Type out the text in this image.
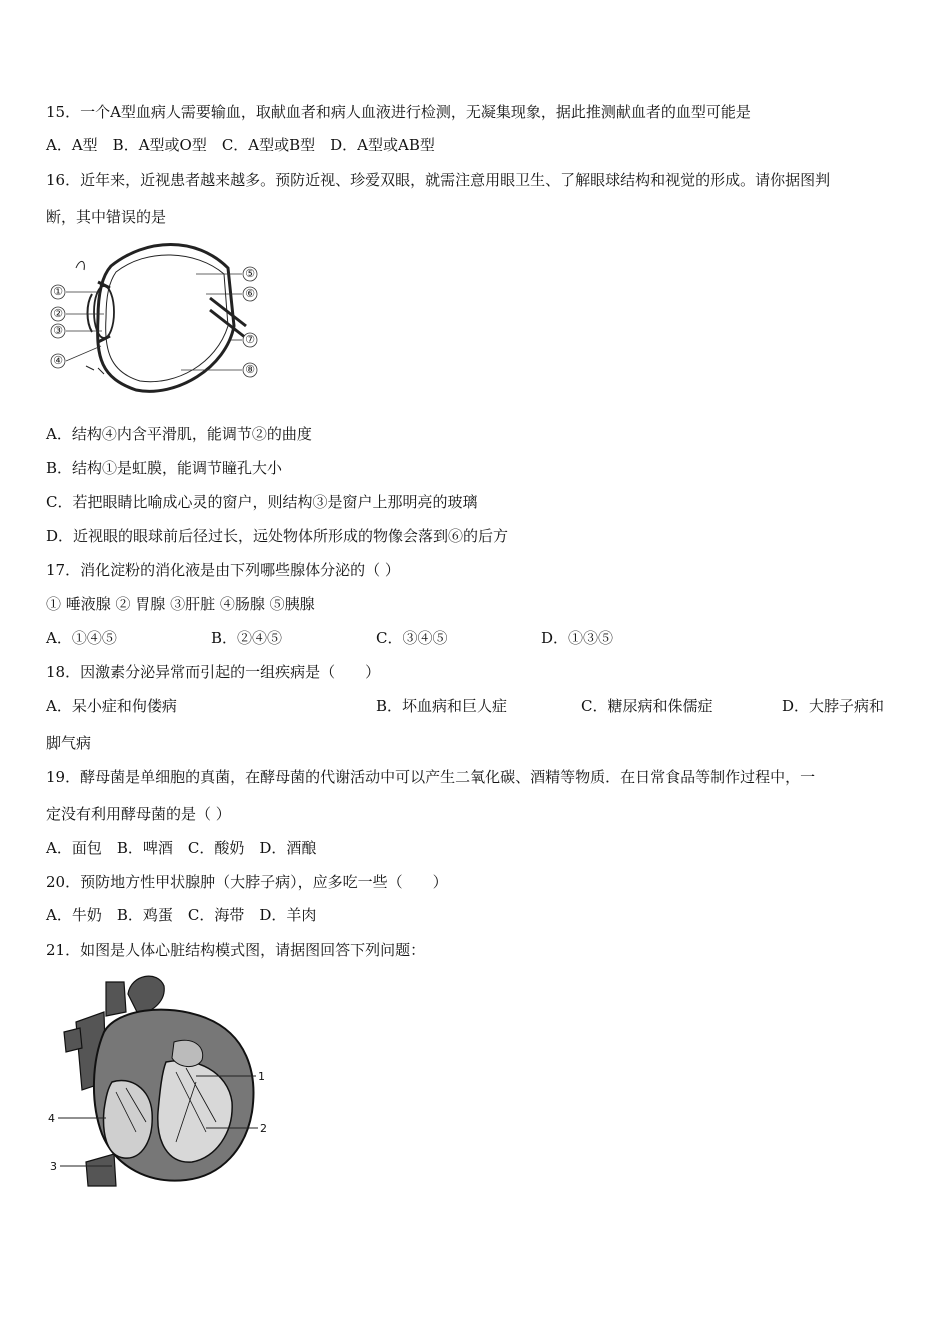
15．一个A型血病人需要输血，取献血者和病人血液进行检测，无凝集现象，据此推测献血者的血型可能是
A．A型　B．A型或O型　C．A型或B型　D．A型或AB型
16．近年来，近视患者越来越多。预防近视、珍爱双眼，就需注意用眼卫生、了解眼球结构和视觉的形成。请你据图判
断，其中错误的是
①
②
③
④
⑤
⑥
⑦
⑧
A．结构④内含平滑肌，能调节②的曲度
B．结构①是虹膜，能调节瞳孔大小
C．若把眼睛比喻成心灵的窗户，则结构③是窗户上那明亮的玻璃
D．近视眼的眼球前后径过长，远处物体所形成的物像会落到⑥的后方
17．消化淀粉的消化液是由下列哪些腺体分泌的（ ）
① 唾液腺 ② 胃腺 ③肝脏 ④肠腺 ⑤胰腺
A．①④⑤	B．②④⑤	C．③④⑤	D．①③⑤
18．因激素分泌异常而引起的一组疾病是（　　）
A．呆小症和佝偻病	B．坏血病和巨人症	C．糖尿病和侏儒症	D．大脖子病和
脚气病
19．酵母菌是单细胞的真菌，在酵母菌的代谢活动中可以产生二氧化碳、酒精等物质．在日常食品等制作过程中，一
定没有利用酵母菌的是（ ）
A．面包　B．啤酒　C．酸奶　D．酒酿
20．预防地方性甲状腺肿（大脖子病），应多吃一些（　　）
A．牛奶　B．鸡蛋　C．海带　D．羊肉
21．如图是人体心脏结构模式图，请据图回答下列问题：
1
2
3
4
